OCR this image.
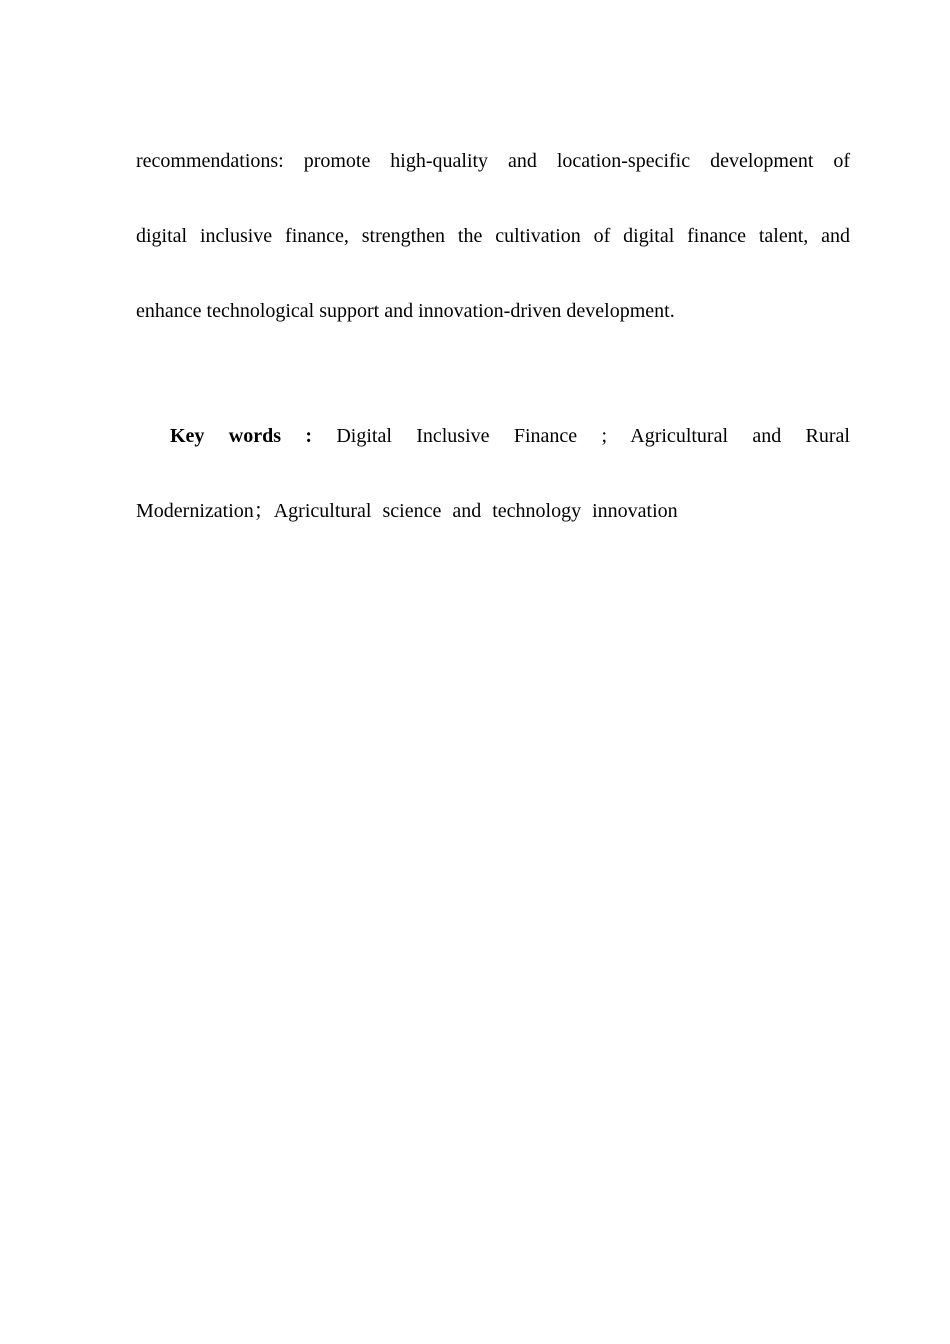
recommendations: promote high-quality and location-specific development of
digital inclusive finance, strengthen the cultivation of digital finance talent, and
enhance technological support and innovation-driven development.

Key words : Digital Inclusive Finance ; Agricultural and Rural
Modernization；Agricultural science and technology innovation
